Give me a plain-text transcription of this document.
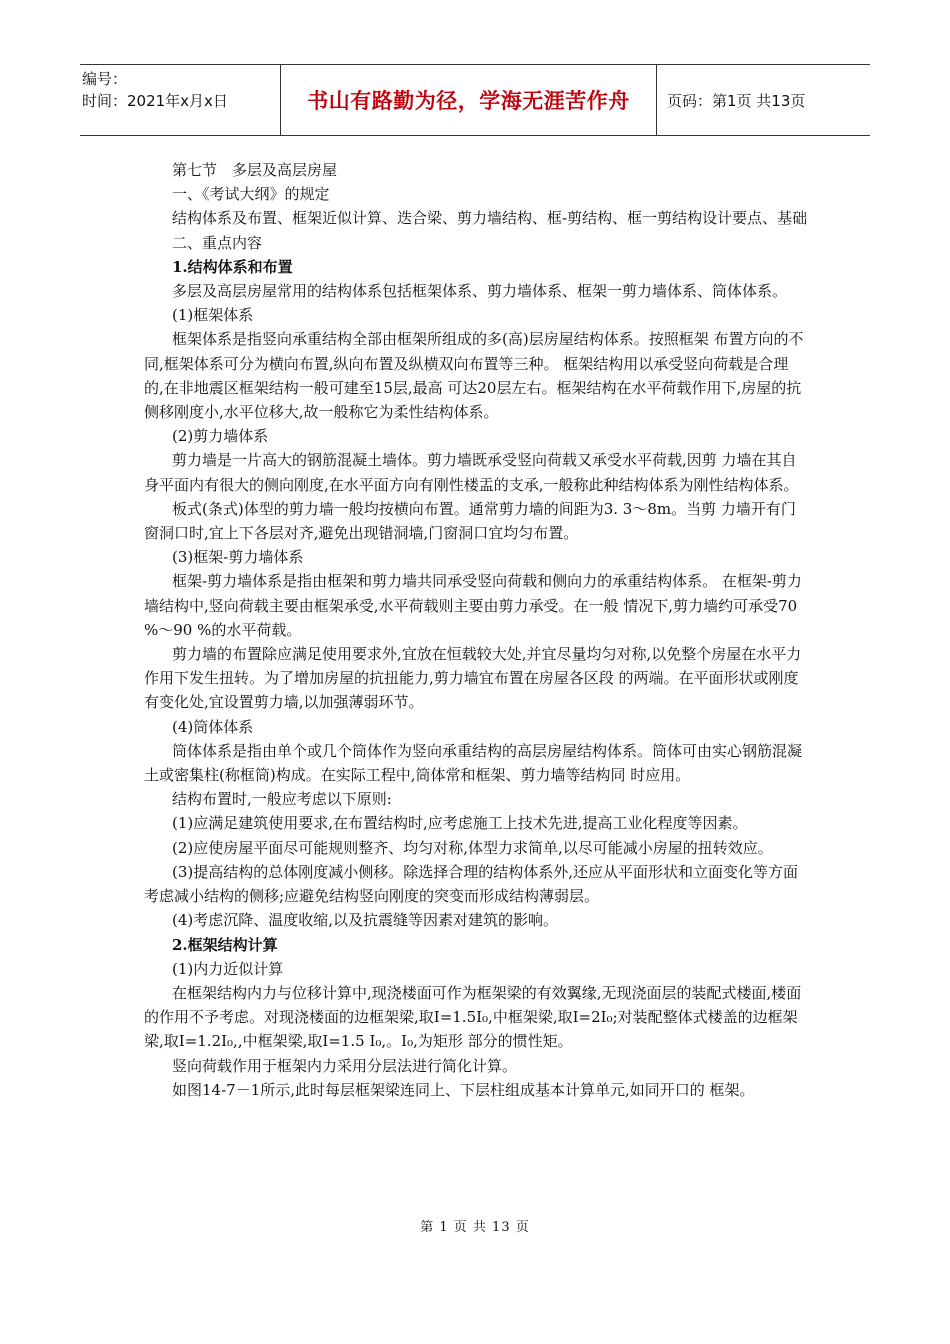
编号：
时间：2021年x月x日	书山有路勤为径，学海无涯苦作舟	页码：第1页 共13页

第七节　多层及高层房屋

一、《考试大纲》的规定

结构体系及布置、框架近似计算、迭合梁、剪力墙结构、框-剪结构、框一剪结构设计要点、基础

二、重点内容

1.结构体系和布置

多层及高层房屋常用的结构体系包括框架体系、剪力墙体系、框架一剪力墙体系、筒体体系。

(1)框架体系

框架体系是指竖向承重结构全部由框架所组成的多(高)层房屋结构体系。按照框架 布置方向的不同,框架体系可分为横向布置,纵向布置及纵横双向布置等三种。 框架结构用以承受竖向荷载是合理的,在非地震区框架结构一般可建至15层,最高 可达20层左右。框架结构在水平荷载作用下,房屋的抗侧移刚度小,水平位移大,故一般称它为柔性结构体系。

(2)剪力墙体系

剪力墙是一片高大的钢筋混凝土墙体。剪力墙既承受竖向荷载又承受水平荷载,因剪 力墙在其自身平面内有很大的侧向刚度,在水平面方向有刚性楼盂的支承,一般称此种结构体系为刚性结构体系。

板式(条式)体型的剪力墙一般均按横向布置。通常剪力墙的间距为3. 3～8m。当剪 力墙开有门窗洞口时,宜上下各层对齐,避免出现错洞墙,门窗洞口宜均匀布置。

(3)框架-剪力墙体系

框架-剪力墙体系是指由框架和剪力墙共同承受竖向荷载和侧向力的承重结构体系。 在框架-剪力墙结构中,竖向荷载主要由框架承受,水平荷载则主要由剪力承受。在一般 情况下,剪力墙约可承受70 %～90 %的水平荷载。

剪力墙的布置除应满足使用要求外,宜放在恒载较大处,并宜尽量均匀对称,以免整个房屋在水平力作用下发生扭转。为了增加房屋的抗扭能力,剪力墙宜布置在房屋各区段 的两端。在平面形状或刚度有变化处,宜设置剪力墙,以加强薄弱环节。

(4)筒体体系

筒体体系是指由单个或几个筒体作为竖向承重结构的高层房屋结构体系。筒体可由实心钢筋混凝土或密集柱(称框筒)构成。在实际工程中,筒体常和框架、剪力墙等结构同 时应用。

结构布置时,一般应考虑以下原则:

(1)应满足建筑使用要求,在布置结构时,应考虑施工上技术先进,提高工业化程度等因素。

(2)应使房屋平面尽可能规则整齐、均匀对称,体型力求简单,以尽可能减小房屋的扭转效应。

(3)提高结构的总体刚度减小侧移。除选择合理的结构体系外,还应从平面形状和立面变化等方面考虑减小结构的侧移;应避免结构竖向刚度的突变而形成结构薄弱层。

(4)考虑沉降、温度收缩,以及抗震缝等因素对建筑的影响。

2.框架结构计算

(1)内力近似计算

在框架结构内力与位移计算中,现浇楼面可作为框架梁的有效翼缘,无现浇面层的装配式楼面,楼面的作用不予考虑。对现浇楼面的边框架梁,取I=1.5I₀,中框架梁,取I=2I₀;对装配整体式楼盖的边框架梁,取I=1.2I₀,,中框架梁,取I=1.5 I₀,。I₀,为矩形 部分的惯性矩。

竖向荷载作用于框架内力采用分层法进行简化计算。

如图14-7－1所示,此时每层框架梁连同上、下层柱组成基本计算单元,如同开口的 框架。

第 1 页 共 13 页
